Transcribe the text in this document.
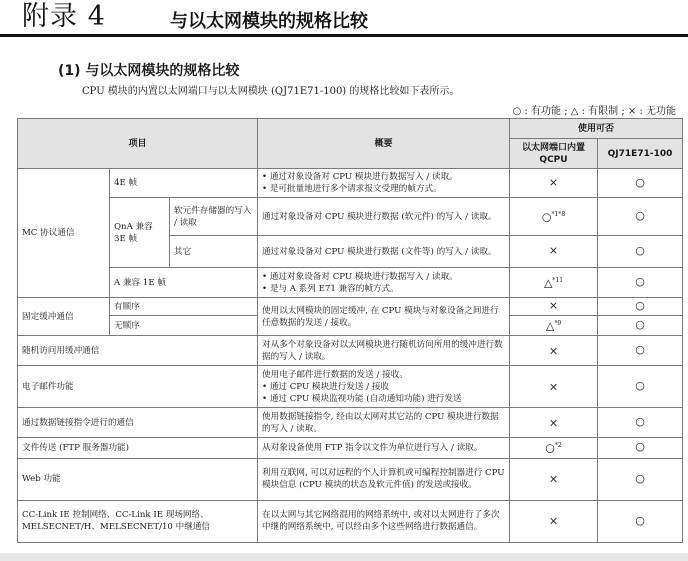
附录 4	与以太网模块的规格比较
(1) 与以太网模块的规格比较
CPU 模块的内置以太网端口与以太网模块 (QJ71E71-100) 的规格比较如下表所示。
○ : 有功能 ; △ : 有限制 ; × : 无功能
项目			概要	使用可否	
				以太网端口内置 QCPU	QJ71E71-100
MC 协议通信	4E 帧		• 通过对象设备对 CPU 模块进行数据写入 / 读取。
• 是可批量地进行多个请求报文受理的帧方式。	×	○
	QnA 兼容 3E 帧	软元件存储器的写入 / 读取	通过对象设备对 CPU 模块进行数据 (软元件) 的写入 / 读取。	○$^{*1*8}$	○
		其它	通过对象设备对 CPU 模块进行数据 (文件等) 的写入 / 读取。	×	○
	A 兼容 1E 帧		• 通过对象设备对 CPU 模块进行数据写入 / 读取。
• 是与 A 系列 E71 兼容的帧方式。	△$^{*11}$	○
固定缓冲通信	有顺序		使用以太网模块的固定缓冲, 在 CPU 模块与对象设备之间进行任意数据的发送 / 接收。	×	○
	无顺序			△$^{*9}$	○
随机访问用缓冲通信			对从多个对象设备对以太网模块进行随机访问所用的缓冲进行数据的写入 / 读取。	×	○
电子邮件功能			使用电子邮件进行数据的发送 / 接收。
• 通过 CPU 模块进行发送 / 接收
• 通过 CPU 模块监视功能 (自动通知功能) 进行发送	×	○
通过数据链接指令进行的通信			使用数据链接指令, 经由以太网对其它站的 CPU 模块进行数据的写入 / 读取。	×	○
文件传送 (FTP 服务器功能)			从对象设备使用 FTP 指令以文件为单位进行写入 / 读取。	○$^{*2}$	○
Web 功能			利用互联网, 可以对远程的个人计算机或可编程控制器进行 CPU 模块信息 (CPU 模块的状态及软元件值) 的发送或接收。	×	○
CC-Link IE 控制网络、CC-Link IE 现场网络、MELSECNET/H、MELSECNET/10 中继通信			在以太网与其它网络混用的网络系统中, 或对以太网进行了多次中继的网络系统中, 可以经由多个这些网络进行数据通信。	×	○
